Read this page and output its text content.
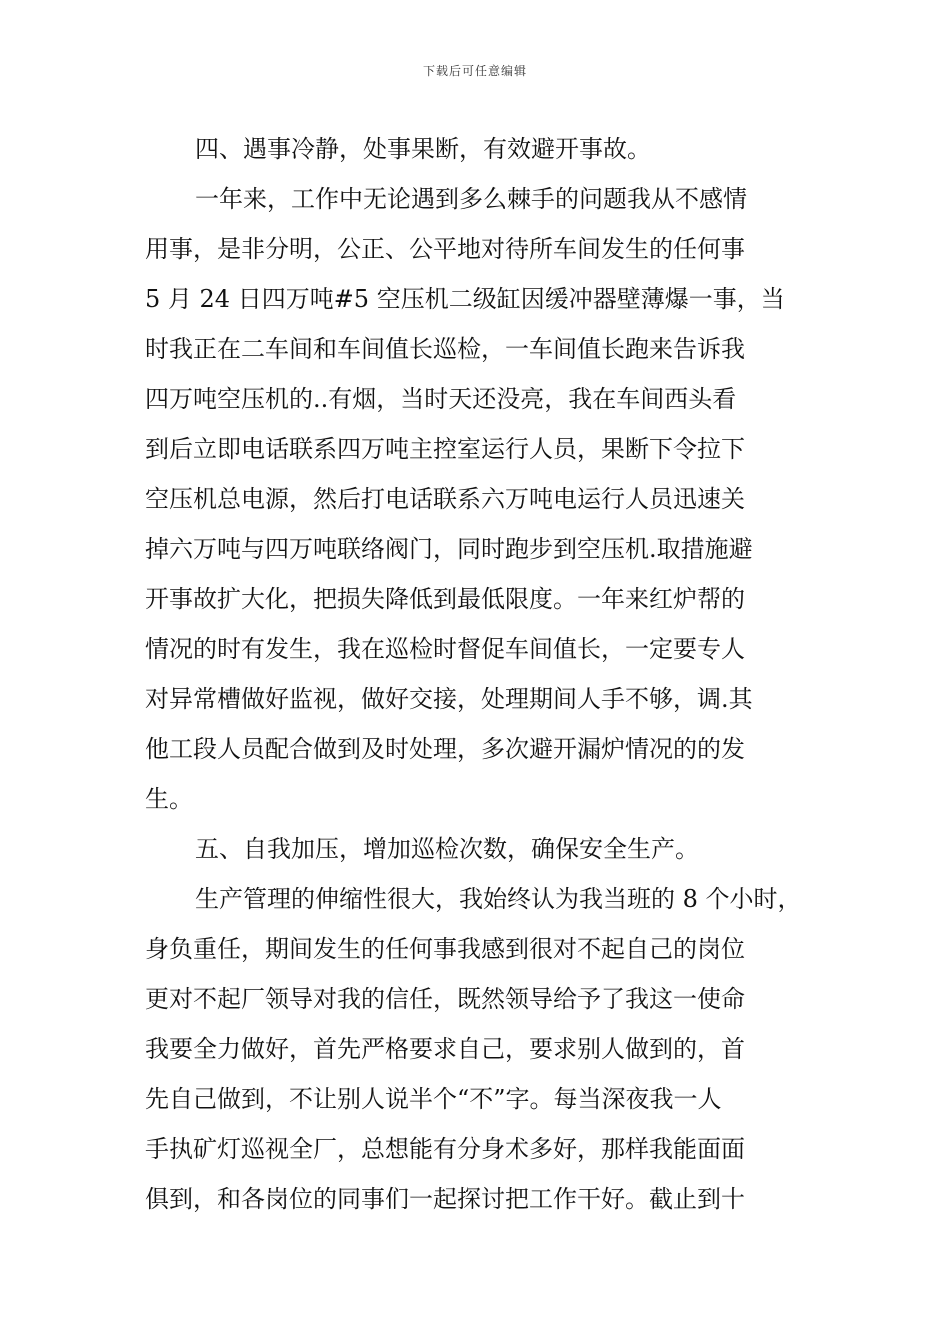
下载后可任意编辑
四、遇事冷静，处事果断，有效避开事故。
一年来，工作中无论遇到多么棘手的问题我从不感情
用事，是非分明，公正、公平地对待所车间发生的任何事
5 月 24 日四万吨#5 空压机二级缸因缓冲器壁薄爆一事，当
时我正在二车间和车间值长巡检，一车间值长跑来告诉我
四万吨空压机的..有烟，当时天还没亮，我在车间西头看
到后立即电话联系四万吨主控室运行人员，果断下令拉下
空压机总电源，然后打电话联系六万吨电运行人员迅速关
掉六万吨与四万吨联络阀门，同时跑步到空压机.取措施避
开事故扩大化，把损失降低到最低限度。一年来红炉帮的
情况的时有发生，我在巡检时督促车间值长，一定要专人
对异常槽做好监视，做好交接，处理期间人手不够，调.其
他工段人员配合做到及时处理，多次避开漏炉情况的的发
生。
五、自我加压，增加巡检次数，确保安全生产。
生产管理的伸缩性很大，我始终认为我当班的 8 个小时，
身负重任，期间发生的任何事我感到很对不起自己的岗位
更对不起厂领导对我的信任，既然领导给予了我这一使命
我要全力做好，首先严格要求自己，要求别人做到的，首
先自己做到，不让别人说半个“不”字。每当深夜我一人
手执矿灯巡视全厂，总想能有分身术多好，那样我能面面
俱到，和各岗位的同事们一起探讨把工作干好。截止到十
